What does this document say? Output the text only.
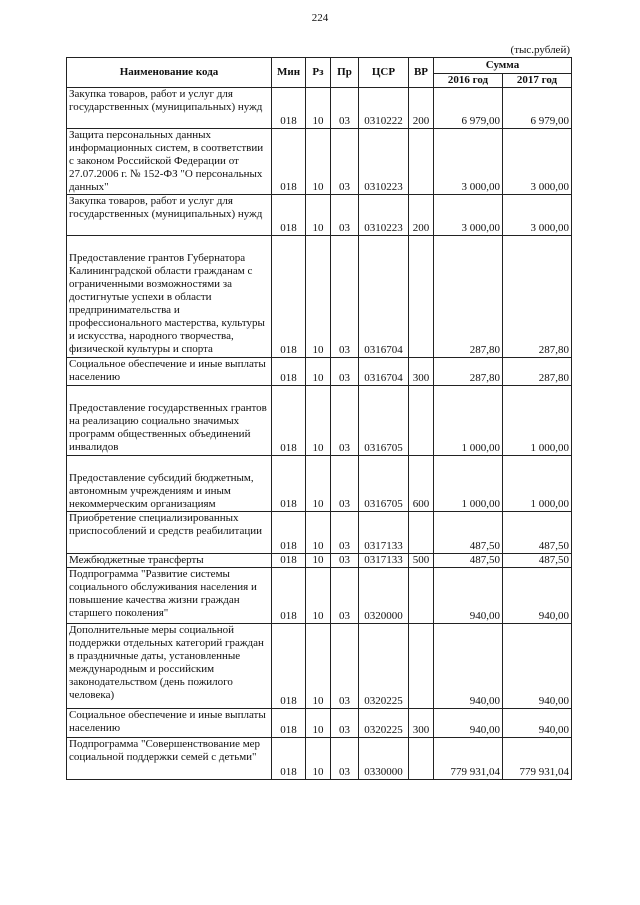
224
(тыс.рублей)
Наименование кода	Мин	Рз	Пр	ЦСР	ВР	Сумма	
						2016 год	2017 год
Закупка товаров, работ и услуг для государственных (муниципальных) нужд	018	10	03	0310222	200	6 979,00	6 979,00
Защита персональных данных информационных систем, в соответствии с законом Российской Федерации от 27.07.2006 г. № 152-ФЗ "О персональных данных"	018	10	03	0310223		3 000,00	3 000,00
Закупка товаров, работ и услуг для государственных (муниципальных) нужд	018	10	03	0310223	200	3 000,00	3 000,00
Предоставление грантов Губернатора Калининградской области гражданам с ограниченными возможностями за достигнутые успехи в области предпринимательства и профессионального мастерства, культуры и искусства, народного творчества, физической культуры и спорта	018	10	03	0316704		287,80	287,80
Социальное обеспечение и иные выплаты населению	018	10	03	0316704	300	287,80	287,80
Предоставление государственных грантов на реализацию социально значимых программ общественных объединений инвалидов	018	10	03	0316705		1 000,00	1 000,00
Предоставление субсидий бюджетным, автономным учреждениям и иным некоммерческим организациям	018	10	03	0316705	600	1 000,00	1 000,00
Приобретение специализированных приспособлений и средств реабилитации	018	10	03	0317133		487,50	487,50
Межбюджетные трансферты	018	10	03	0317133	500	487,50	487,50
Подпрограмма "Развитие системы социального обслуживания населения и повышение качества жизни граждан старшего поколения"	018	10	03	0320000		940,00	940,00
Дополнительные меры социальной поддержки отдельных категорий граждан в праздничные даты, установленные международным и российским законодательством (день пожилого человека)	018	10	03	0320225		940,00	940,00
Социальное обеспечение и иные выплаты населению	018	10	03	0320225	300	940,00	940,00
Подпрограмма "Совершенствование мер социальной поддержки семей с детьми"	018	10	03	0330000		779 931,04	779 931,04
